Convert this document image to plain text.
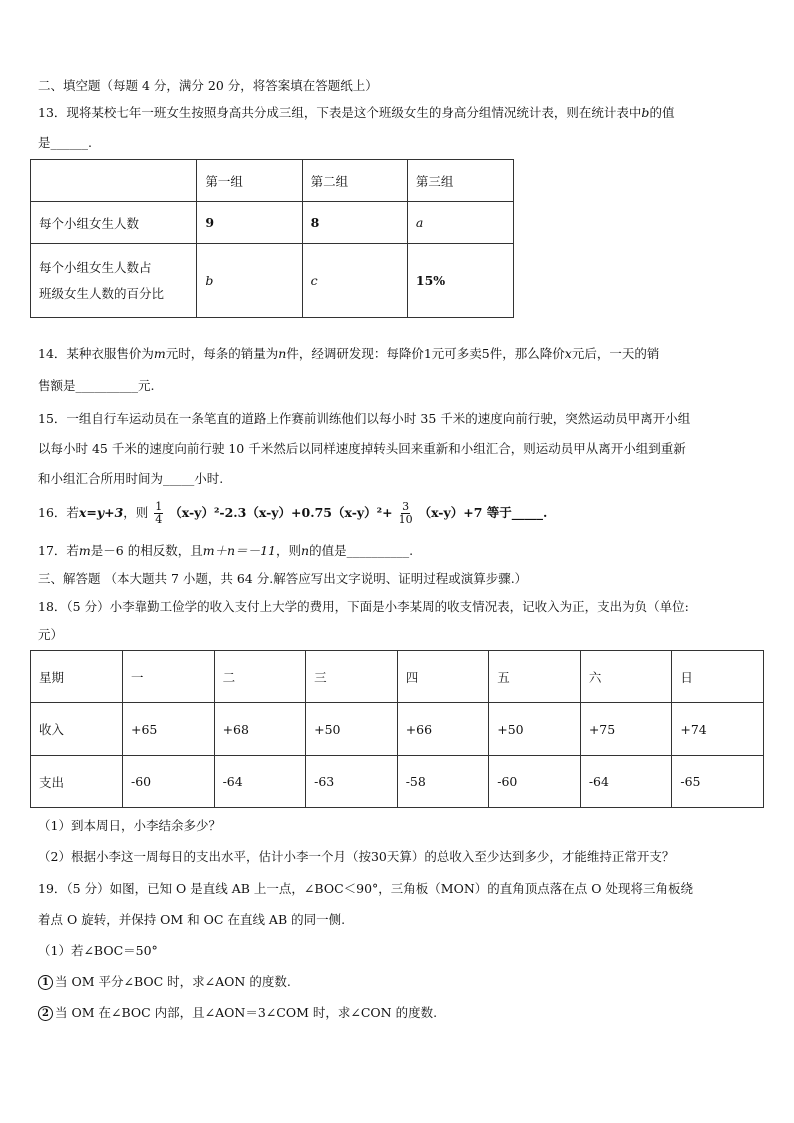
二、填空题（每题 4 分，满分 20 分，将答案填在答题纸上）
13．现将某校七年一班女生按照身高共分成三组，下表是这个班级女生的身高分组情况统计表，则在统计表中b的值
是______.
	第一组	第二组	第三组
每个小组女生人数	9	8	a
每个小组女生人数占
班级女生人数的百分比	b	c	15%
14．某种衣服售价为m元时，每条的销量为n件，经调研发现：每降价1元可多卖5件，那么降价x元后，一天的销
售额是__________元.
15．一组自行车运动员在一条笔直的道路上作赛前训练他们以每小时 35 千米的速度向前行驶，突然运动员甲离开小组
以每小时 45 千米的速度向前行驶 10 千米然后以同样速度掉转头回来重新和小组汇合，则运动员甲从离开小组到重新
和小组汇合所用时间为_____小时.
16．若x=y+3，则 $\frac{1}{4} (x-y)^2-2.3(x-y)+0.75(x-y)^2+ \frac{3}{10} (x-y)+7$ 等于_____.
17．若m是－6 的相反数，且m＋n＝－11，则n的值是__________.
三、解答题 （本大题共 7 小题，共 64 分.解答应写出文字说明、证明过程或演算步骤.）
18．（5 分）小李靠勤工俭学的收入支付上大学的费用，下面是小李某周的收支情况表，记收入为正，支出为负（单位:
元）
星期	一	二	三	四	五	六	日
收入	+65	+68	+50	+66	+50	+75	+74
支出	-60	-64	-63	-58	-60	-64	-65
（1）到本周日，小李结余多少？
（2）根据小李这一周每日的支出水平，估计小李一个月（按30天算）的总收入至少达到多少，才能维持正常开支？
19．（5 分）如图，已知 O 是直线 AB 上一点，∠BOC＜90°，三角板（MON）的直角顶点落在点 O 处现将三角板绕
着点 O 旋转，并保持 OM 和 OC 在直线 AB 的同一侧.
（1）若∠BOC＝50°
1 当 OM 平分∠BOC 时，求∠AON 的度数.
2 当 OM 在∠BOC 内部，且∠AON＝3∠COM 时，求∠CON 的度数.
